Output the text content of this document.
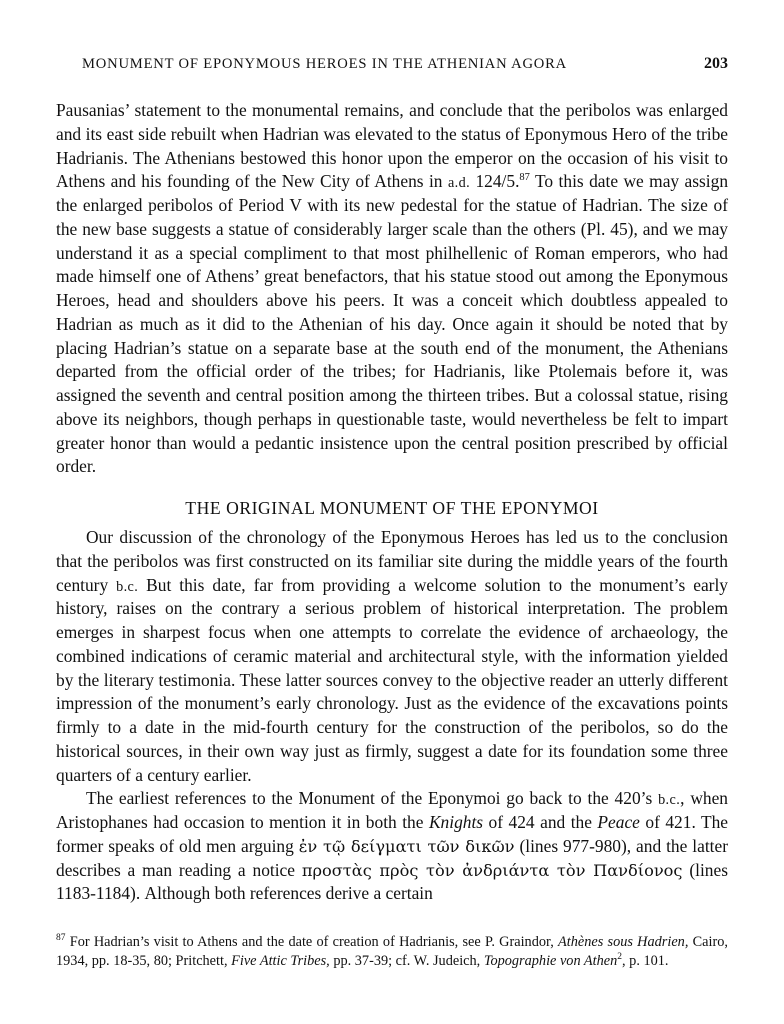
MONUMENT OF EPONYMOUS HEROES IN THE ATHENIAN AGORA	203

Pausanias’ statement to the monumental remains, and conclude that the peribolos was enlarged and its east side rebuilt when Hadrian was elevated to the status of Eponymous Hero of the tribe Hadrianis. The Athenians bestowed this honor upon the emperor on the occasion of his visit to Athens and his founding of the New City of Athens in a.d. 124/5.87 To this date we may assign the enlarged peribolos of Period V with its new pedestal for the statue of Hadrian. The size of the new base suggests a statue of considerably larger scale than the others (Pl. 45), and we may understand it as a special compliment to that most philhellenic of Roman emperors, who had made himself one of Athens’ great benefactors, that his statue stood out among the Eponymous Heroes, head and shoulders above his peers. It was a conceit which doubtless appealed to Hadrian as much as it did to the Athenian of his day. Once again it should be noted that by placing Hadrian’s statue on a separate base at the south end of the monument, the Athenians departed from the official order of the tribes; for Hadrianis, like Ptolemais before it, was assigned the seventh and central position among the thirteen tribes. But a colossal statue, rising above its neighbors, though perhaps in questionable taste, would nevertheless be felt to impart greater honor than would a pedantic insistence upon the central position prescribed by official order.

THE ORIGINAL MONUMENT OF THE EPONYMOI

Our discussion of the chronology of the Eponymous Heroes has led us to the conclusion that the peribolos was first constructed on its familiar site during the middle years of the fourth century b.c. But this date, far from providing a welcome solution to the monument’s early history, raises on the contrary a serious problem of historical interpretation. The problem emerges in sharpest focus when one attempts to correlate the evidence of archaeology, the combined indications of ceramic material and architectural style, with the information yielded by the literary testimonia. These latter sources convey to the objective reader an utterly different impression of the monument’s early chronology. Just as the evidence of the excavations points firmly to a date in the mid-fourth century for the construction of the peribolos, so do the historical sources, in their own way just as firmly, suggest a date for its foundation some three quarters of a century earlier.

The earliest references to the Monument of the Eponymoi go back to the 420’s b.c., when Aristophanes had occasion to mention it in both the Knights of 424 and the Peace of 421. The former speaks of old men arguing ἐν τῷ δείγματι τῶν δικῶν (lines 977-980), and the latter describes a man reading a notice προστὰς πρὸς τὸν ἀνδριάντα τὸν Πανδίονος (lines 1183-1184). Although both references derive a certain

$^{87}$ For Hadrian’s visit to Athens and the date of creation of Hadrianis, see P. Graindor, Athènes sous Hadrien, Cairo, 1934, pp. 18-35, 80; Pritchett, Five Attic Tribes, pp. 37-39; cf. W. Judeich, Topographie von Athen$^2$, p. 101.
